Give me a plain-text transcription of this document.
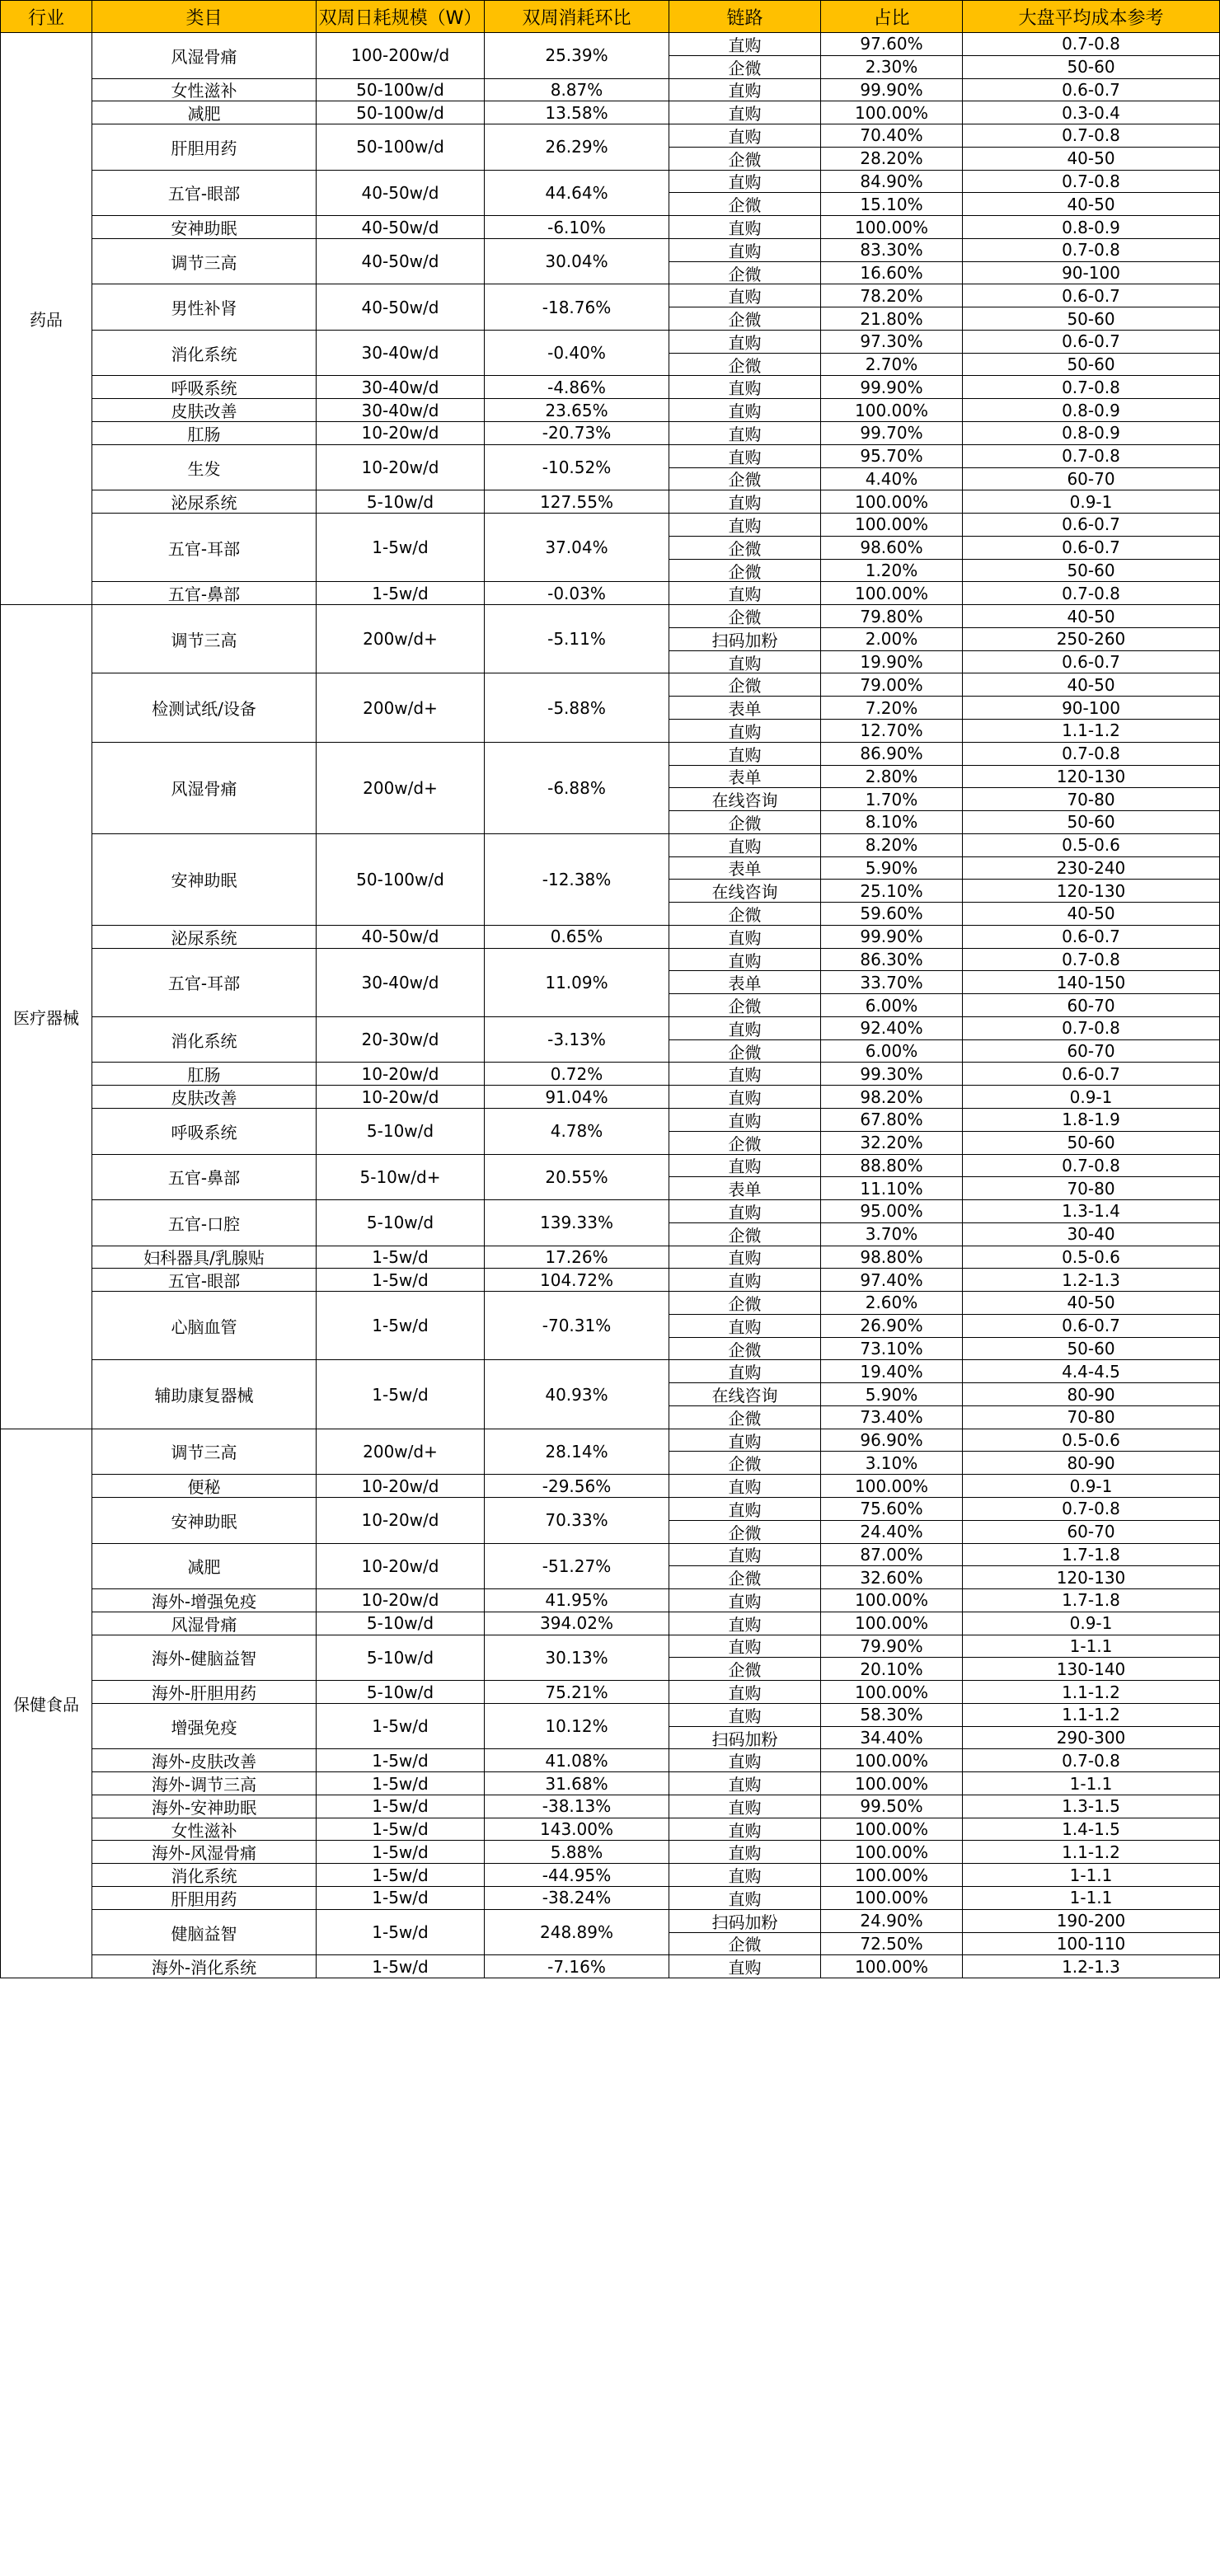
行业	类目	双周日耗规模（W）	双周消耗环比	链路	占比	大盘平均成本参考
药品
风湿骨痛	100-200w/d	25.39%
直购	97.60%	0.7-0.8
企微	2.30%	50-60
女性滋补	50-100w/d	8.87%	直购	99.90%	0.6-0.7
减肥	50-100w/d	13.58%	直购	100.00%	0.3-0.4
肝胆用药	50-100w/d	26.29%
直购	70.40%	0.7-0.8
企微	28.20%	40-50
五官-眼部	40-50w/d	44.64%
直购	84.90%	0.7-0.8
企微	15.10%	40-50
安神助眠	40-50w/d	-6.10%	直购	100.00%	0.8-0.9
调节三高	40-50w/d	30.04%
直购	83.30%	0.7-0.8
企微	16.60%	90-100
男性补肾	40-50w/d	-18.76%
直购	78.20%	0.6-0.7
企微	21.80%	50-60
消化系统	30-40w/d	-0.40%
直购	97.30%	0.6-0.7
企微	2.70%	50-60
呼吸系统	30-40w/d	-4.86%	直购	99.90%	0.7-0.8
皮肤改善	30-40w/d	23.65%	直购	100.00%	0.8-0.9
肛肠	10-20w/d	-20.73%	直购	99.70%	0.8-0.9
生发	10-20w/d	-10.52%
直购	95.70%	0.7-0.8
企微	4.40%	60-70
泌尿系统	5-10w/d	127.55%	直购	100.00%	0.9-1
五官-耳部	1-5w/d	37.04%
直购	100.00%	0.6-0.7
企微	98.60%	0.6-0.7
企微	1.20%	50-60
五官-鼻部	1-5w/d	-0.03%	直购	100.00%	0.7-0.8
医疗器械
调节三高	200w/d+	-5.11%
企微	79.80%	40-50
扫码加粉	2.00%	250-260
直购	19.90%	0.6-0.7
检测试纸/设备	200w/d+	-5.88%
企微	79.00%	40-50
表单	7.20%	90-100
直购	12.70%	1.1-1.2
风湿骨痛	200w/d+	-6.88%
直购	86.90%	0.7-0.8
表单	2.80%	120-130
在线咨询	1.70%	70-80
企微	8.10%	50-60
安神助眠	50-100w/d	-12.38%
直购	8.20%	0.5-0.6
表单	5.90%	230-240
在线咨询	25.10%	120-130
企微	59.60%	40-50
泌尿系统	40-50w/d	0.65%	直购	99.90%	0.6-0.7
五官-耳部	30-40w/d	11.09%
直购	86.30%	0.7-0.8
表单	33.70%	140-150
企微	6.00%	60-70
消化系统	20-30w/d	-3.13%
直购	92.40%	0.7-0.8
企微	6.00%	60-70
肛肠	10-20w/d	0.72%	直购	99.30%	0.6-0.7
皮肤改善	10-20w/d	91.04%	直购	98.20%	0.9-1
呼吸系统	5-10w/d	4.78%
直购	67.80%	1.8-1.9
企微	32.20%	50-60
五官-鼻部	5-10w/d+	20.55%
直购	88.80%	0.7-0.8
表单	11.10%	70-80
五官-口腔	5-10w/d	139.33%
直购	95.00%	1.3-1.4
企微	3.70%	30-40
妇科器具/乳腺贴	1-5w/d	17.26%	直购	98.80%	0.5-0.6
五官-眼部	1-5w/d	104.72%	直购	97.40%	1.2-1.3
心脑血管	1-5w/d	-70.31%
企微	2.60%	40-50
直购	26.90%	0.6-0.7
企微	73.10%	50-60
辅助康复器械	1-5w/d	40.93%
直购	19.40%	4.4-4.5
在线咨询	5.90%	80-90
企微	73.40%	70-80
保健食品
调节三高	200w/d+	28.14%
直购	96.90%	0.5-0.6
企微	3.10%	80-90
便秘	10-20w/d	-29.56%	直购	100.00%	0.9-1
安神助眠	10-20w/d	70.33%
直购	75.60%	0.7-0.8
企微	24.40%	60-70
减肥	10-20w/d	-51.27%
直购	87.00%	1.7-1.8
企微	32.60%	120-130
海外-增强免疫	10-20w/d	41.95%	直购	100.00%	1.7-1.8
风湿骨痛	5-10w/d	394.02%	直购	100.00%	0.9-1
海外-健脑益智	5-10w/d	30.13%
直购	79.90%	1-1.1
企微	20.10%	130-140
海外-肝胆用药	5-10w/d	75.21%	直购	100.00%	1.1-1.2
增强免疫	1-5w/d	10.12%
直购	58.30%	1.1-1.2
扫码加粉	34.40%	290-300
海外-皮肤改善	1-5w/d	41.08%	直购	100.00%	0.7-0.8
海外-调节三高	1-5w/d	31.68%	直购	100.00%	1-1.1
海外-安神助眠	1-5w/d	-38.13%	直购	99.50%	1.3-1.5
女性滋补	1-5w/d	143.00%	直购	100.00%	1.4-1.5
海外-风湿骨痛	1-5w/d	5.88%	直购	100.00%	1.1-1.2
消化系统	1-5w/d	-44.95%	直购	100.00%	1-1.1
肝胆用药	1-5w/d	-38.24%	直购	100.00%	1-1.1
健脑益智	1-5w/d	248.89%
扫码加粉	24.90%	190-200
企微	72.50%	100-110
海外-消化系统	1-5w/d	-7.16%	直购	100.00%	1.2-1.3
